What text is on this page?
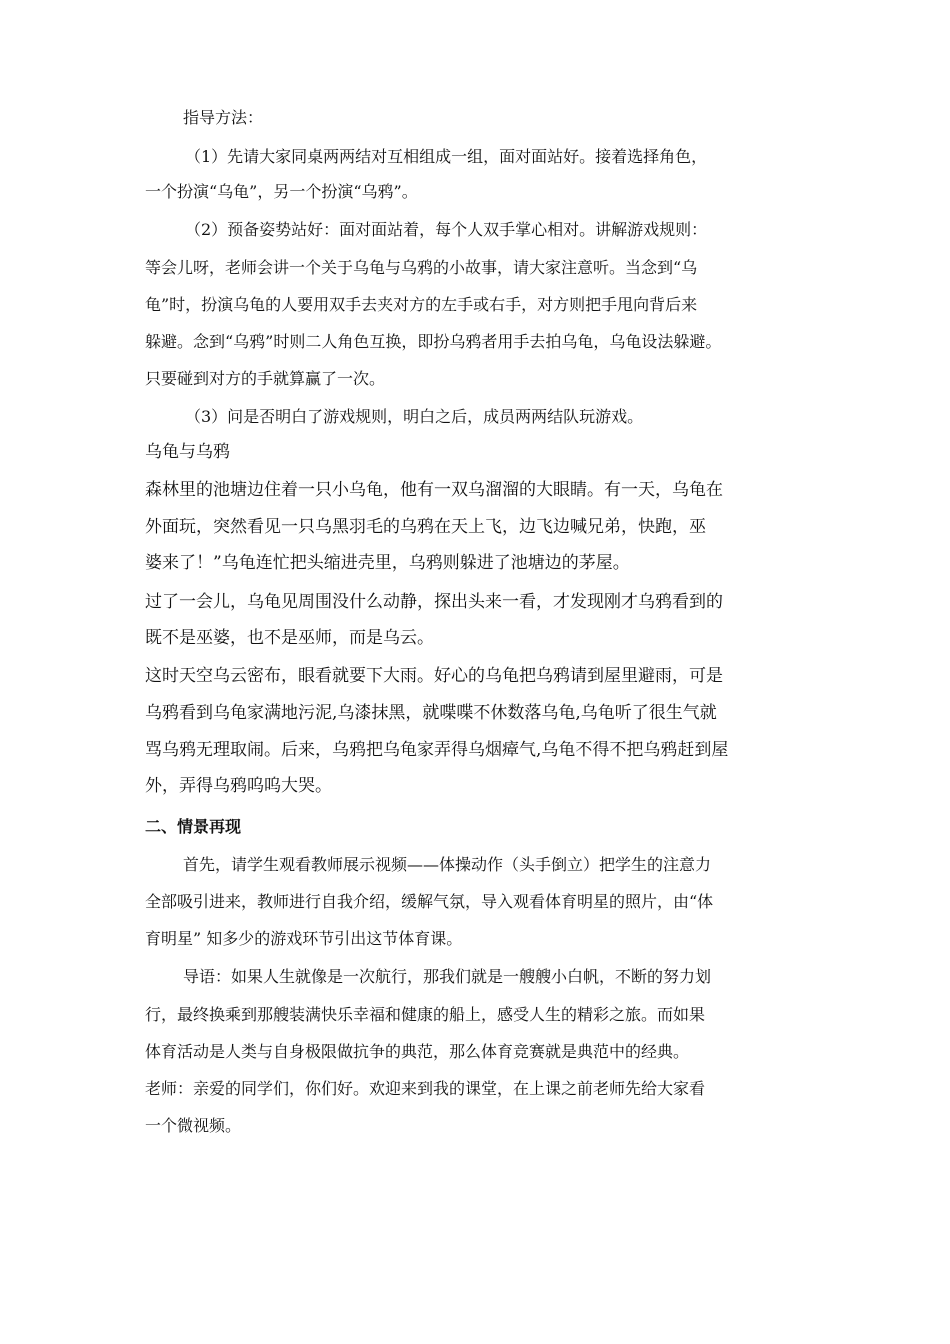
指导方法：
（1）先请大家同桌两两结对互相组成一组，面对面站好。接着选择角色，
一个扮演“乌龟”，另一个扮演“乌鸦”。
（2）预备姿势站好：面对面站着，每个人双手掌心相对。讲解游戏规则：
等会儿呀，老师会讲一个关于乌龟与乌鸦的小故事，请大家注意听。当念到“乌
龟”时，扮演乌龟的人要用双手去夹对方的左手或右手，对方则把手甩向背后来
躲避。念到“乌鸦”时则二人角色互换，即扮乌鸦者用手去拍乌龟，乌龟设法躲避。
只要碰到对方的手就算赢了一次。
（3）问是否明白了游戏规则，明白之后，成员两两结队玩游戏。
乌龟与乌鸦
森林里的池塘边住着一只小乌龟，他有一双乌溜溜的大眼睛。有一天，乌龟在
外面玩，突然看见一只乌黑羽毛的乌鸦在天上飞，边飞边喊兄弟，快跑，巫
婆来了！”乌龟连忙把头缩进壳里，乌鸦则躲进了池塘边的茅屋。
过了一会儿，乌龟见周围没什么动静，探出头来一看，才发现刚才乌鸦看到的
既不是巫婆，也不是巫师，而是乌云。
这时天空乌云密布，眼看就要下大雨。好心的乌龟把乌鸦请到屋里避雨，可是
乌鸦看到乌龟家满地污泥,乌漆抹黑，就喋喋不休数落乌龟,乌龟听了很生气就
骂乌鸦无理取闹。后来，乌鸦把乌龟家弄得乌烟瘴气,乌龟不得不把乌鸦赶到屋
外，弄得乌鸦呜呜大哭。
二、情景再现
首先，请学生观看教师展示视频——体操动作（头手倒立）把学生的注意力
全部吸引进来，教师进行自我介绍，缓解气氛，导入观看体育明星的照片，由“体
育明星” 知多少的游戏环节引出这节体育课。
导语：如果人生就像是一次航行，那我们就是一艘艘小白帆，不断的努力划
行，最终换乘到那艘装满快乐幸福和健康的船上，感受人生的精彩之旅。而如果
体育活动是人类与自身极限做抗争的典范，那么体育竞赛就是典范中的经典。
老师：亲爱的同学们，你们好。欢迎来到我的课堂，在上课之前老师先给大家看
一个微视频。
